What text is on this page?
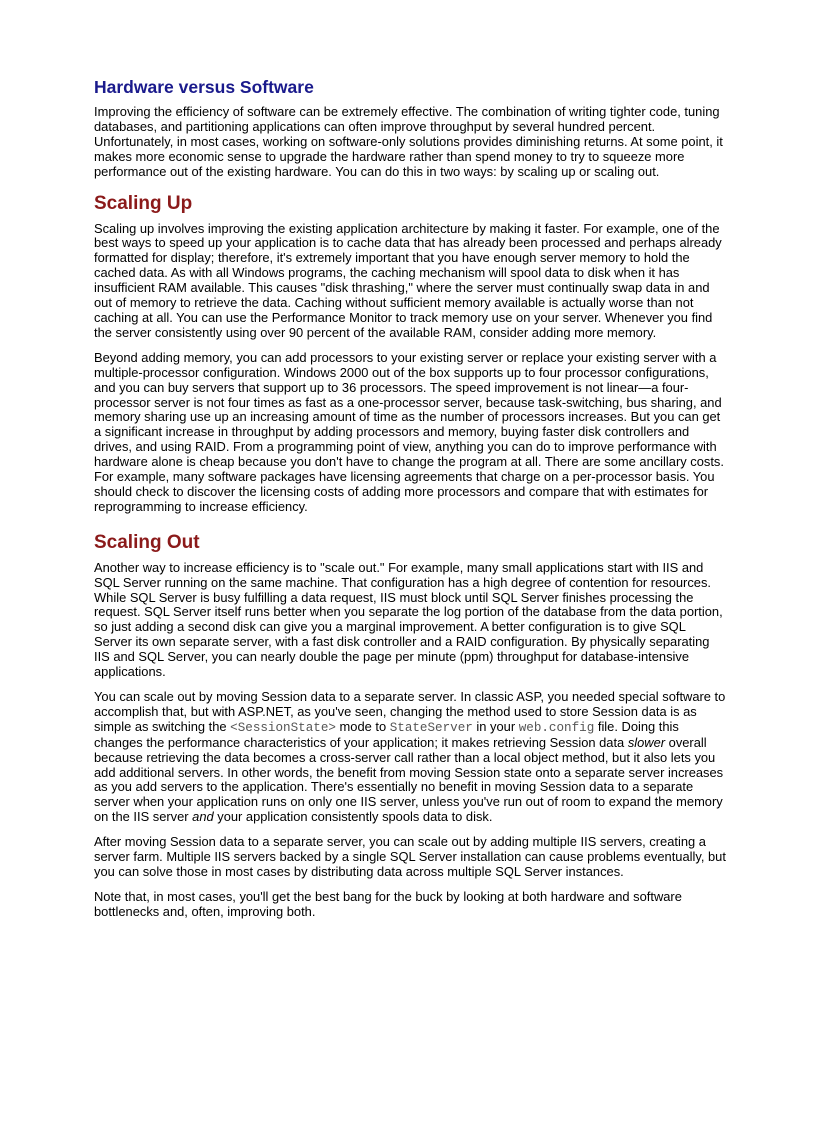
Hardware versus Software

Improving the efficiency of software can be extremely effective. The combination of writing tighter code, tuning databases, and partitioning applications can often improve throughput by several hundred percent. Unfortunately, in most cases, working on software-only solutions provides diminishing returns. At some point, it makes more economic sense to upgrade the hardware rather than spend money to try to squeeze more performance out of the existing hardware. You can do this in two ways: by scaling up or scaling out.

Scaling Up

Scaling up involves improving the existing application architecture by making it faster. For example, one of the best ways to speed up your application is to cache data that has already been processed and perhaps already formatted for display; therefore, it's extremely important that you have enough server memory to hold the cached data. As with all Windows programs, the caching mechanism will spool data to disk when it has insufficient RAM available. This causes "disk thrashing," where the server must continually swap data in and out of memory to retrieve the data. Caching without sufficient memory available is actually worse than not caching at all. You can use the Performance Monitor to track memory use on your server. Whenever you find the server consistently using over 90 percent of the available RAM, consider adding more memory.

Beyond adding memory, you can add processors to your existing server or replace your existing server with a multiple-processor configuration. Windows 2000 out of the box supports up to four processor configurations, and you can buy servers that support up to 36 processors. The speed improvement is not linear—a four-processor server is not four times as fast as a one-processor server, because task-switching, bus sharing, and memory sharing use up an increasing amount of time as the number of processors increases. But you can get a significant increase in throughput by adding processors and memory, buying faster disk controllers and drives, and using RAID. From a programming point of view, anything you can do to improve performance with hardware alone is cheap because you don't have to change the program at all. There are some ancillary costs. For example, many software packages have licensing agreements that charge on a per-processor basis. You should check to discover the licensing costs of adding more processors and compare that with estimates for reprogramming to increase efficiency.

Scaling Out

Another way to increase efficiency is to "scale out." For example, many small applications start with IIS and SQL Server running on the same machine. That configuration has a high degree of contention for resources. While SQL Server is busy fulfilling a data request, IIS must block until SQL Server finishes processing the request. SQL Server itself runs better when you separate the log portion of the database from the data portion, so just adding a second disk can give you a marginal improvement. A better configuration is to give SQL Server its own separate server, with a fast disk controller and a RAID configuration. By physically separating IIS and SQL Server, you can nearly double the page per minute (ppm) throughput for database-intensive applications.

You can scale out by moving Session data to a separate server. In classic ASP, you needed special software to accomplish that, but with ASP.NET, as you've seen, changing the method used to store Session data is as simple as switching the <SessionState> mode to StateServer in your web.config file. Doing this changes the performance characteristics of your application; it makes retrieving Session data slower overall because retrieving the data becomes a cross-server call rather than a local object method, but it also lets you add additional servers. In other words, the benefit from moving Session state onto a separate server increases as you add servers to the application. There's essentially no benefit in moving Session data to a separate server when your application runs on only one IIS server, unless you've run out of room to expand the memory on the IIS server and your application consistently spools data to disk.

After moving Session data to a separate server, you can scale out by adding multiple IIS servers, creating a server farm. Multiple IIS servers backed by a single SQL Server installation can cause problems eventually, but you can solve those in most cases by distributing data across multiple SQL Server instances.

Note that, in most cases, you'll get the best bang for the buck by looking at both hardware and software bottlenecks and, often, improving both.
